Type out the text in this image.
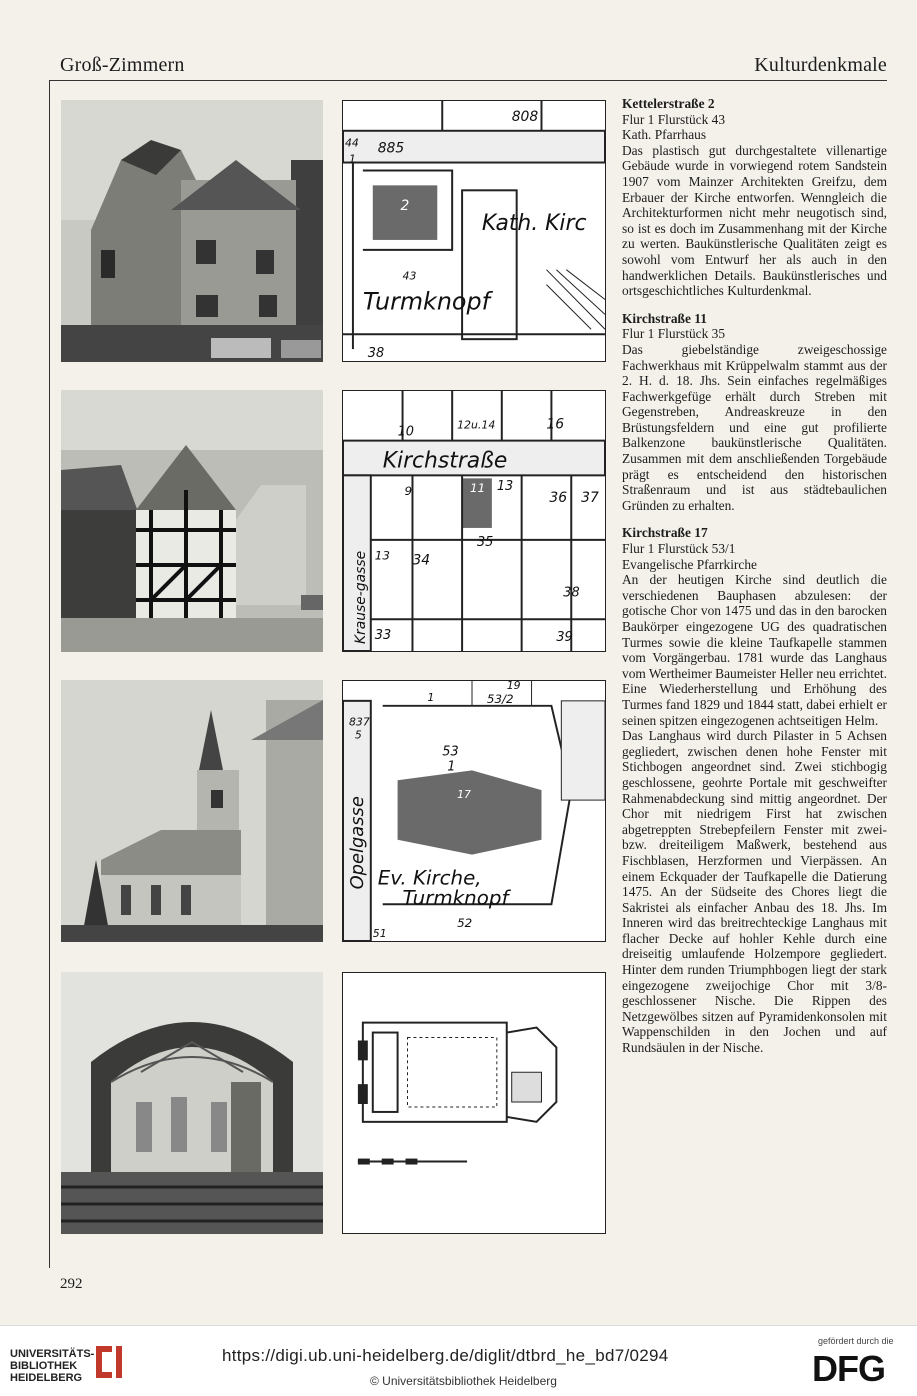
Groß-Zimmern	Kulturdenkmale
808
885
44
1
2
Kath. Kirc
43
Turmknopf
38
10	12u.14	16
Kirchstraße
9	11 13
36 37
35
34
38
39
33
Krause-gasse 13
1	53/2
19
837
5
53
1
17
Opelgasse Ev. Kirche,
Turmknopf
52
51
Kettelerstraße 2
Flur 1 Flurstück 43
Kath. Pfarrhaus
Das plastisch gut durchgestaltete villenartige Gebäude wurde in vorwiegend rotem Sandstein 1907 vom Mainzer Architekten Greifzu, dem Erbauer der Kirche entworfen. Wenngleich die Architekturformen nicht mehr neugotisch sind, so ist es doch im Zusammenhang mit der Kirche zu werten. Baukünstlerische Qualitäten zeigt es sowohl vom Entwurf her als auch in den handwerklichen Details. Baukünstlerisches und ortsgeschichtliches Kulturdenkmal.
Kirchstraße 11
Flur 1 Flurstück 35
Das giebelständige zweigeschossige Fachwerkhaus mit Krüppelwalm stammt aus der 2. H. d. 18. Jhs. Sein einfaches regelmäßiges Fachwerkgefüge erhält durch Streben mit Gegenstreben, Andreaskreuze in den Brüstungsfeldern und eine gut profilierte Balkenzone baukünstlerische Qualitäten. Zusammen mit dem anschließenden Torgebäude prägt es entscheidend den historischen Straßenraum und ist aus städtebaulichen Gründen zu erhalten.
Kirchstraße 17
Flur 1 Flurstück 53/1
Evangelische Pfarrkirche
An der heutigen Kirche sind deutlich die verschiedenen Bauphasen abzulesen: der gotische Chor von 1475 und das in den barocken Baukörper eingezogene UG des quadratischen Turmes sowie die kleine Taufkapelle stammen vom Vorgängerbau. 1781 wurde das Langhaus vom Wertheimer Baumeister Heller neu errichtet. Eine Wiederherstellung und Erhöhung des Turmes fand 1829 und 1844 statt, dabei erhielt er seinen spitzen eingezogenen achtseitigen Helm.
Das Langhaus wird durch Pilaster in 5 Achsen gegliedert, zwischen denen hohe Fenster mit Stichbogen angeordnet sind. Zwei stichbogig geschlossene, geohrte Portale mit geschweifter Rahmenabdeckung sind mittig angeordnet. Der Chor mit niedrigem First hat zwischen abgetreppten Strebepfeilern Fenster mit zwei- bzw. dreiteiligem Maßwerk, bestehend aus Fischblasen, Herzformen und Vierpässen. An einem Eckquader der Taufkapelle die Datierung 1475. An der Südseite des Chores liegt die Sakristei als einfacher Anbau des 18. Jhs. Im Inneren wird das breitrechteckige Langhaus mit flacher Decke auf hohler Kehle durch eine dreiseitig umlaufende Holzempore gegliedert. Hinter dem runden Triumphbogen liegt der stark eingezogene zweijochige Chor mit 3/8-geschlossener Nische. Die Rippen des Netzgewölbes sitzen auf Pyramidenkonsolen mit Wappenschilden in den Jochen und auf Rundsäulen in der Nische.
292
UNIVERSITÄTS-
BIBLIOTHEK
HEIDELBERG
https://digi.ub.uni-heidelberg.de/diglit/dtbrd_he_bd7/0294
© Universitätsbibliothek Heidelberg
gefördert durch die
DFG
